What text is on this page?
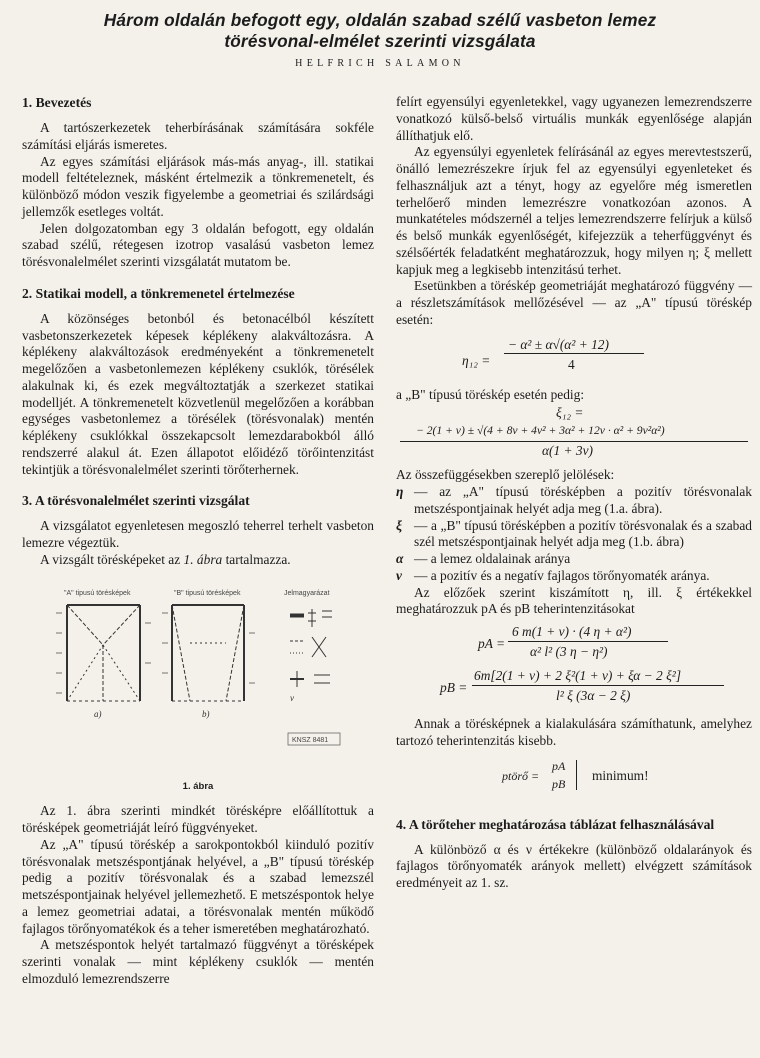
Három oldalán befogott egy, oldalán szabad szélű vasbeton lemez
törésvonal-elmélet szerinti vizsgálata
HELFRICH SALAMON
1. Bevezetés

A tartószerkezetek teherbírásának számítására sokféle számítási eljárás ismeretes.

Az egyes számítási eljárások más-más anyag-, ill. statikai modell feltételeznek, másként értelmezik a tönkremenetelt, és különböző módon veszik figyelembe a geometriai és szilárdsági jellemzők esetleges voltát.

Jelen dolgozatomban egy 3 oldalán befogott, egy oldalán szabad szélű, rétegesen izotrop vasalású vasbeton lemez törésvonalelmélet szerinti vizsgálatát mutatom be.

2. Statikai modell, a tönkremenetel értelmezése

A közönséges betonból és betonacélból készített vasbetonszerkezetek képesek képlékeny alakváltozásra. A képlékeny alakváltozások eredményeként a tönkremenetelt megelőzően a vasbetonlemezen képlékeny csuklók, törésélek alakulnak ki, és ezek megváltoztatják a szerkezet statikai modelljét. A tönkremenetelt közvetlenül megelőzően a korábban egységes vasbetonlemez a törésélek (törésvonalak) mentén képlékeny csuklókkal összekapcsolt lemezdarabokból álló rendszerré alakul át. Ezen állapotot előidéző törőintenzitást tekintjük a törésvonalelmélet szerinti törőterhernek.

3. A törésvonalelmélet szerinti vizsgálat

A vizsgálatot egyenletesen megoszló teherrel terhelt vasbeton lemezre végeztük.

A vizsgált törésképeket az 1. ábra tartalmazza.

"A" tipusú törésképek	"B" tipusú törésképek	Jelmagyarázat
a)	b)
ν
KNSZ 8481
1. ábra

Az 1. ábra szerinti mindkét törésképre előállítottuk a törésképek geometriáját leíró függvényeket.

Az „A" típusú töréskép a sarokpontokból kiinduló pozitív törésvonalak metszéspontjának helyével, a „B" típusú töréskép pedig a pozitív törésvonalak és a szabad lemezszél metszéspontjainak helyével jellemezhető. E metszéspontok helye a lemez geometriai adatai, a törésvonalak mentén működő fajlagos törőnyomatékok és a teher ismeretében meghatározható.

A metszéspontok helyét tartalmazó függvényt a törésképek szerinti vonalak — mint képlékeny csuklók — mentén elmozduló lemezrendszerre

felírt egyensúlyi egyenletekkel, vagy ugyanezen lemezrendszerre vonatkozó külső-belső virtuális munkák egyenlősége alapján állíthatjuk elő.

Az egyensúlyi egyenletek felírásánál az egyes merevtestszerű, önálló lemezrészekre írjuk fel az egyensúlyi egyenleteket és felhasználjuk azt a tényt, hogy az egyelőre még ismeretlen terhelőerő minden lemezrészre vonatkozóan azonos. A munkatételes módszernél a teljes lemezrendszerre felírjuk a külső és belső munkák egyenlőségét, kifejezzük a teherfüggvényt és szélsőérték feladatként meghatározzuk, hogy milyen η; ξ mellett kapjuk meg a legkisebb intenzitású terhet.

Esetünkben a töréskép geometriáját meghatározó függvény — a részletszámítások mellőzésével — az „A" típusú töréskép esetén:

η₁₂ =
− α² ± α√(α² + 12)
4

a „B" típusú töréskép esetén pedig:

ξ₁₂ =
− 2(1 + ν) ± √(4 + 8ν + 4ν² + 3α² + 12ν · α² + 9ν²α²)
α(1 + 3ν)

Az összefüggésekben szereplő jelölések:

η — az „A" típusú törésképben a pozitív törésvonalak metszéspontjainak helyét adja meg (1.a. ábra).
ξ — a „B" típusú törésképben a pozitív törésvonalak és a szabad szél metszéspontjainak helyét adja meg (1.b. ábra)
α — a lemez oldalainak aránya
ν — a pozitív és a negatív fajlagos törőnyomaték aránya.

Az előzőek szerint kiszámított η, ill. ξ értékekkel meghatározzuk pA és pB teherintenzitásokat

pA =
6 m(1 + ν) · (4 η + α²)
α² l² (3 η − η²)
pB =
6m[2(1 + ν) + 2 ξ²(1 + ν) + ξα − 2 ξ²]
l² ξ (3α − 2 ξ)

Annak a törésképnek a kialakulására számíthatunk, amelyhez tartozó teherintenzitás kisebb.

ptörő =
pA
pB
minimum!
4. A törőteher meghatározása táblázat felhasználásával

A különböző α és ν értékekre (különböző oldalarányok és fajlagos törőnyomaték arányok mellett) elvégzett számítások eredményeit az 1. sz.
